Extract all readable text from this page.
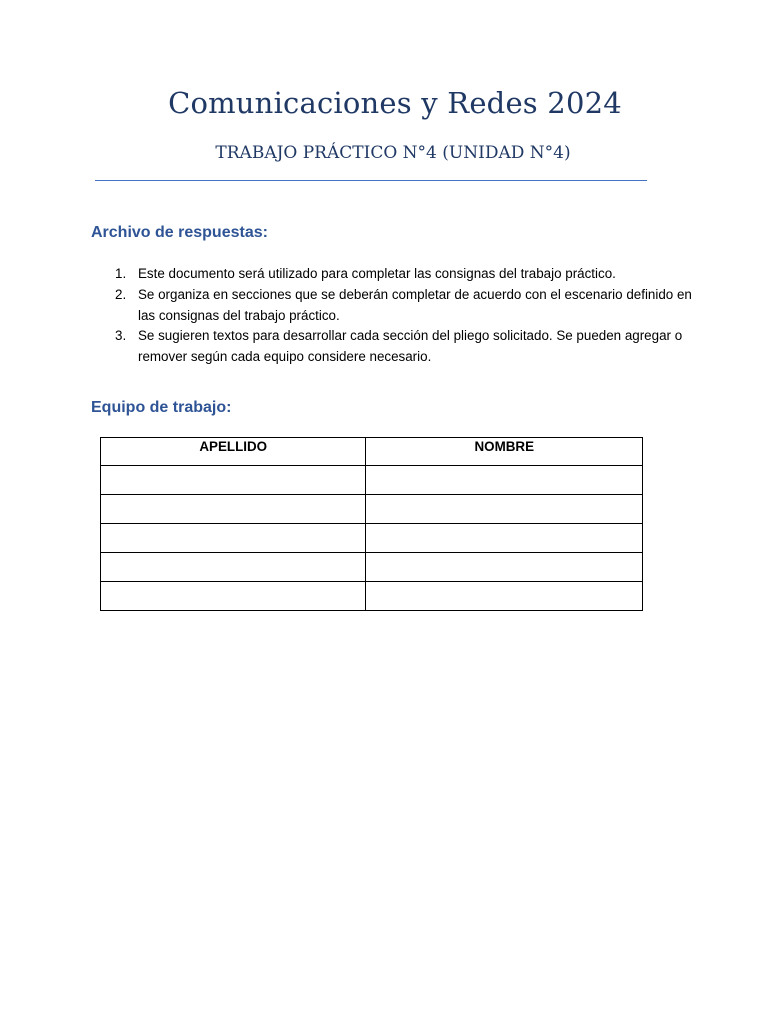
Comunicaciones y Redes 2024
TRABAJO PRÁCTICO N°4 (UNIDAD N°4)
Archivo de respuestas:
1. Este documento será utilizado para completar las consignas del trabajo práctico.
2. Se organiza en secciones que se deberán completar de acuerdo con el escenario definido en las consignas del trabajo práctico.
3. Se sugieren textos para desarrollar cada sección del pliego solicitado. Se pueden agregar o remover según cada equipo considere necesario.
Equipo de trabajo:
APELLIDO	NOMBRE
